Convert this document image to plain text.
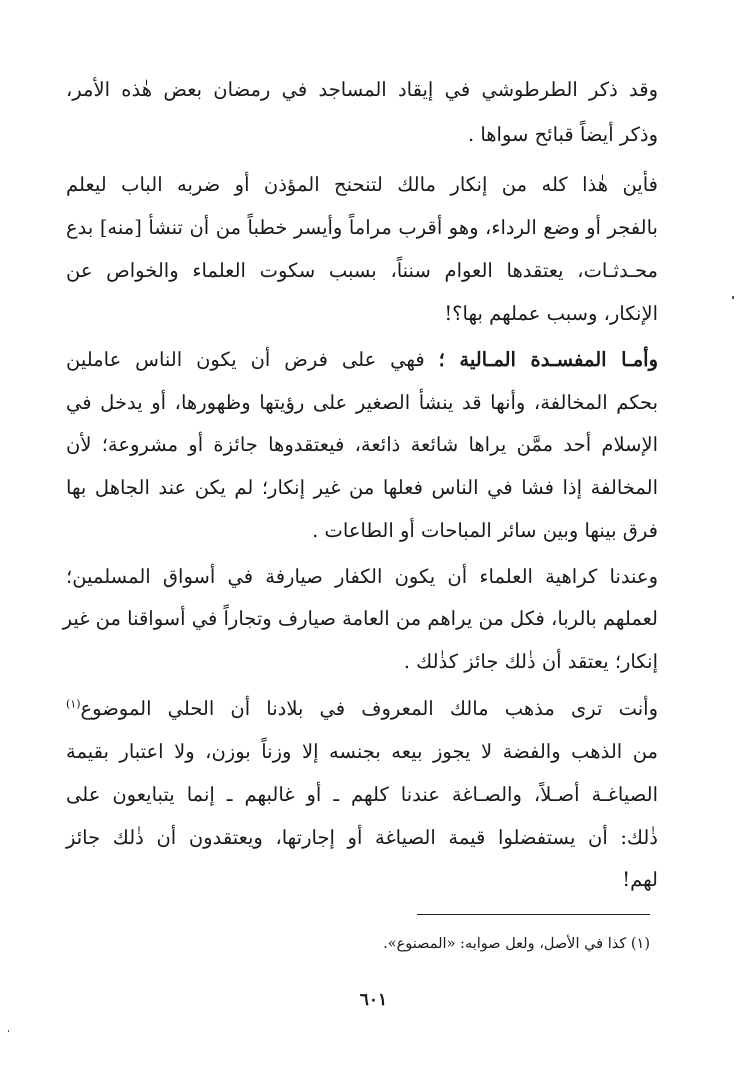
وقد ذكر الطرطوشي في إيقاد المساجد في رمضان بعض هٰذه الأمر،
وذكر أيضاً قبائح سواها .
فأين هٰذا كله من إنكار مالك لتنحنح المؤذن أو ضربه الباب ليعلم
بالفجر أو وضع الرداء، وهو أقرب مراماً وأيسر خطباً من أن تنشأ [منه] بدع
محـدثـات، يعتقدها العوام سنناً، بسبب سكوت العلماء والخواص عن
الإنكار، وسبب عملهم بها؟!
وأمـا المفسـدة المـالية ؛ فهي على فرض أن يكون الناس عاملين
بحكم المخالفة، وأنها قد ينشأ الصغير على رؤيتها وظهورها، أو يدخل في
الإسلام أحد ممَّن يراها شائعة ذائعة، فيعتقدوها جائزة أو مشروعة؛ لأن
المخالفة إذا فشا في الناس فعلها من غير إنكار؛ لم يكن عند الجاهل بها
فرق بينها وبين سائر المباحات أو الطاعات .
وعندنا كراهية العلماء أن يكون الكفار صيارفة في أسواق المسلمين؛
لعملهم بالربا، فكل من يراهم من العامة صيارف وتجاراً في أسواقنا من غير
إنكار؛ يعتقد أن ذٰلك جائز كذٰلك .
وأنت ترى مذهب مالك المعروف في بلادنا أن الحلي الموضوع$^{(١)}$
من الذهب والفضة لا يجوز بيعه بجنسه إلا وزناً بوزن، ولا اعتبار بقيمة
الصياغـة أصـلاً، والصـاغة عندنا كلهم ـ أو غالبهم ـ إنما يتبايعون على
ذٰلك: أن يستفضلوا قيمة الصياغة أو إجارتها، ويعتقدون أن ذٰلك جائز
لهم!
(١) كذا في الأصل، ولعل صوابه: «المصنوع».
٦٠١
